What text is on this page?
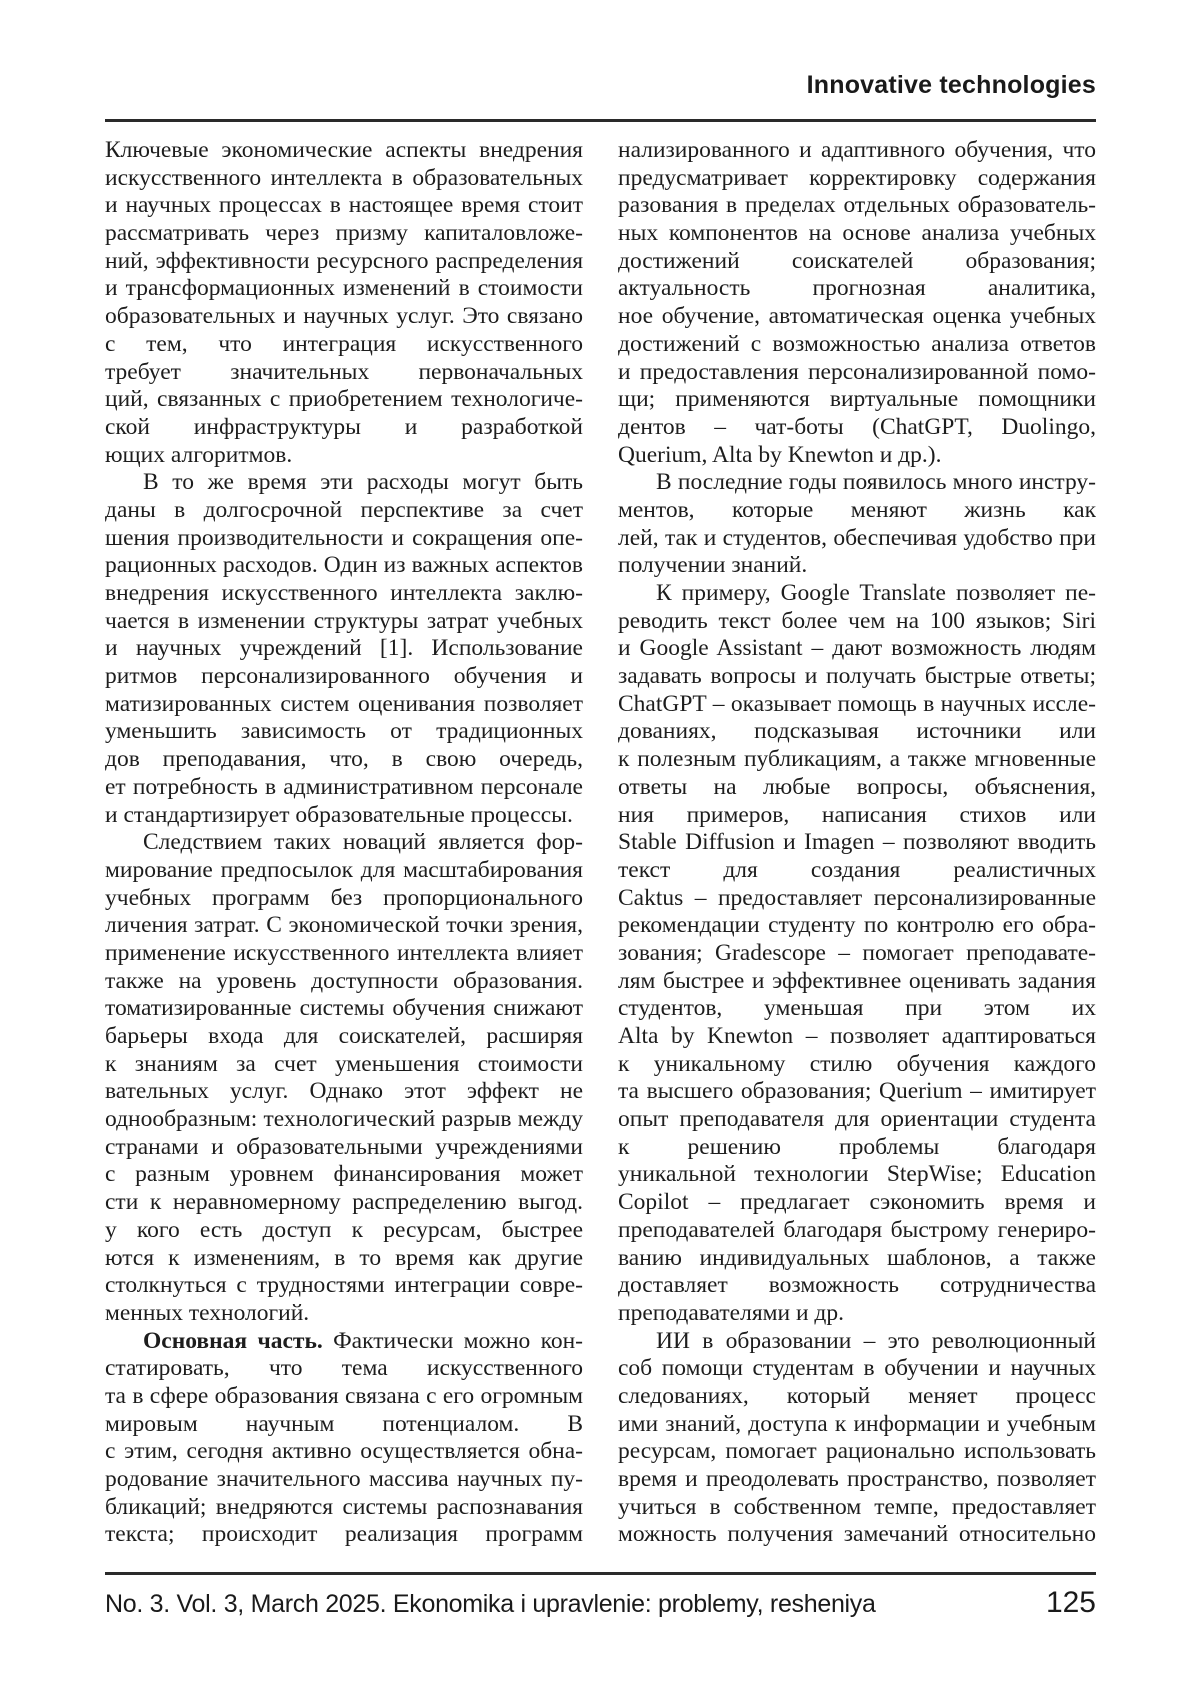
Innovative technologies
Ключевые экономические аспекты внедрения
искусственного интеллекта в образовательных
и научных процессах в настоящее время стоит
рассматривать через призму капиталовложе-
ний, эффективности ресурсного распределения
и трансформационных изменений в стоимости
образовательных и научных услуг. Это связано
с тем, что интеграция искусственного
требует значительных первоначальных
ций, связанных с приобретением технологиче-
ской инфраструктуры и разработкой
ющих алгоритмов.
В то же время эти расходы могут быть
даны в долгосрочной перспективе за счет
шения производительности и сокращения опе-
рационных расходов. Один из важных аспектов
внедрения искусственного интеллекта заклю-
чается в изменении структуры затрат учебных
и научных учреждений [1]. Использование
ритмов персонализированного обучения и
матизированных систем оценивания позволяет
уменьшить зависимость от традиционных
дов преподавания, что, в свою очередь,
ет потребность в административном персонале
и стандартизирует образовательные процессы.
Следствием таких новаций является фор-
мирование предпосылок для масштабирования
учебных программ без пропорционального
личения затрат. С экономической точки зрения,
применение искусственного интеллекта влияет
также на уровень доступности образования.
томатизированные системы обучения снижают
барьеры входа для соискателей, расширяя
к знаниям за счет уменьшения стоимости
вательных услуг. Однако этот эффект не
однообразным: технологический разрыв между
странами и образовательными учреждениями
с разным уровнем финансирования может
сти к неравномерному распределению выгод.
у кого есть доступ к ресурсам, быстрее
ются к изменениям, в то время как другие
столкнуться с трудностями интеграции совре-
менных технологий.
Основная часть. Фактически можно кон-
статировать, что тема искусственного
та в сфере образования связана с его огромным
мировым научным потенциалом. В
с этим, сегодня активно осуществляется обна-
родование значительного массива научных пу-
бликаций; внедряются системы распознавания
текста; происходит реализация программ
нализированного и адаптивного обучения, что
предусматривает корректировку содержания
разования в пределах отдельных образователь-
ных компонентов на основе анализа учебных
достижений соискателей образования;
актуальность прогнозная аналитика,
ное обучение, автоматическая оценка учебных
достижений с возможностью анализа ответов
и предоставления персонализированной помо-
щи; применяются виртуальные помощники
дентов – чат-боты (ChatGPT, Duolingo,
Querium, Alta by Knewton и др.).
В последние годы появилось много инстру-
ментов, которые меняют жизнь как
лей, так и студентов, обеспечивая удобство при
получении знаний.
К примеру, Google Translate позволяет пе-
реводить текст более чем на 100 языков; Siri
и Google Assistant – дают возможность людям
задавать вопросы и получать быстрые ответы;
ChatGPT – оказывает помощь в научных иссле-
дованиях, подсказывая источники или
к полезным публикациям, а также мгновенные
ответы на любые вопросы, объяснения,
ния примеров, написания стихов или
Stable Diffusion и Imagen – позволяют вводить
текст для создания реалистичных
Caktus – предоставляет персонализированные
рекомендации студенту по контролю его обра-
зования; Gradescope – помогает преподавате-
лям быстрее и эффективнее оценивать задания
студентов, уменьшая при этом их
Alta by Knewton – позволяет адаптироваться
к уникальному стилю обучения каждого
та высшего образования; Querium – имитирует
опыт преподавателя для ориентации студента
к решению проблемы благодаря
уникальной технологии StepWise; Education
Copilot – предлагает сэкономить время и
преподавателей благодаря быстрому генериро-
ванию индивидуальных шаблонов, а также
доставляет возможность сотрудничества
преподавателями и др.
ИИ в образовании – это революционный
соб помощи студентам в обучении и научных
следованиях, который меняет процесс
ими знаний, доступа к информации и учебным
ресурсам, помогает рационально использовать
время и преодолевать пространство, позволяет
учиться в собственном темпе, предоставляет
можность получения замечаний относительно
No. 3. Vol. 3, March 2025. Ekonomika i upravlenie: problemy, resheniya	125
